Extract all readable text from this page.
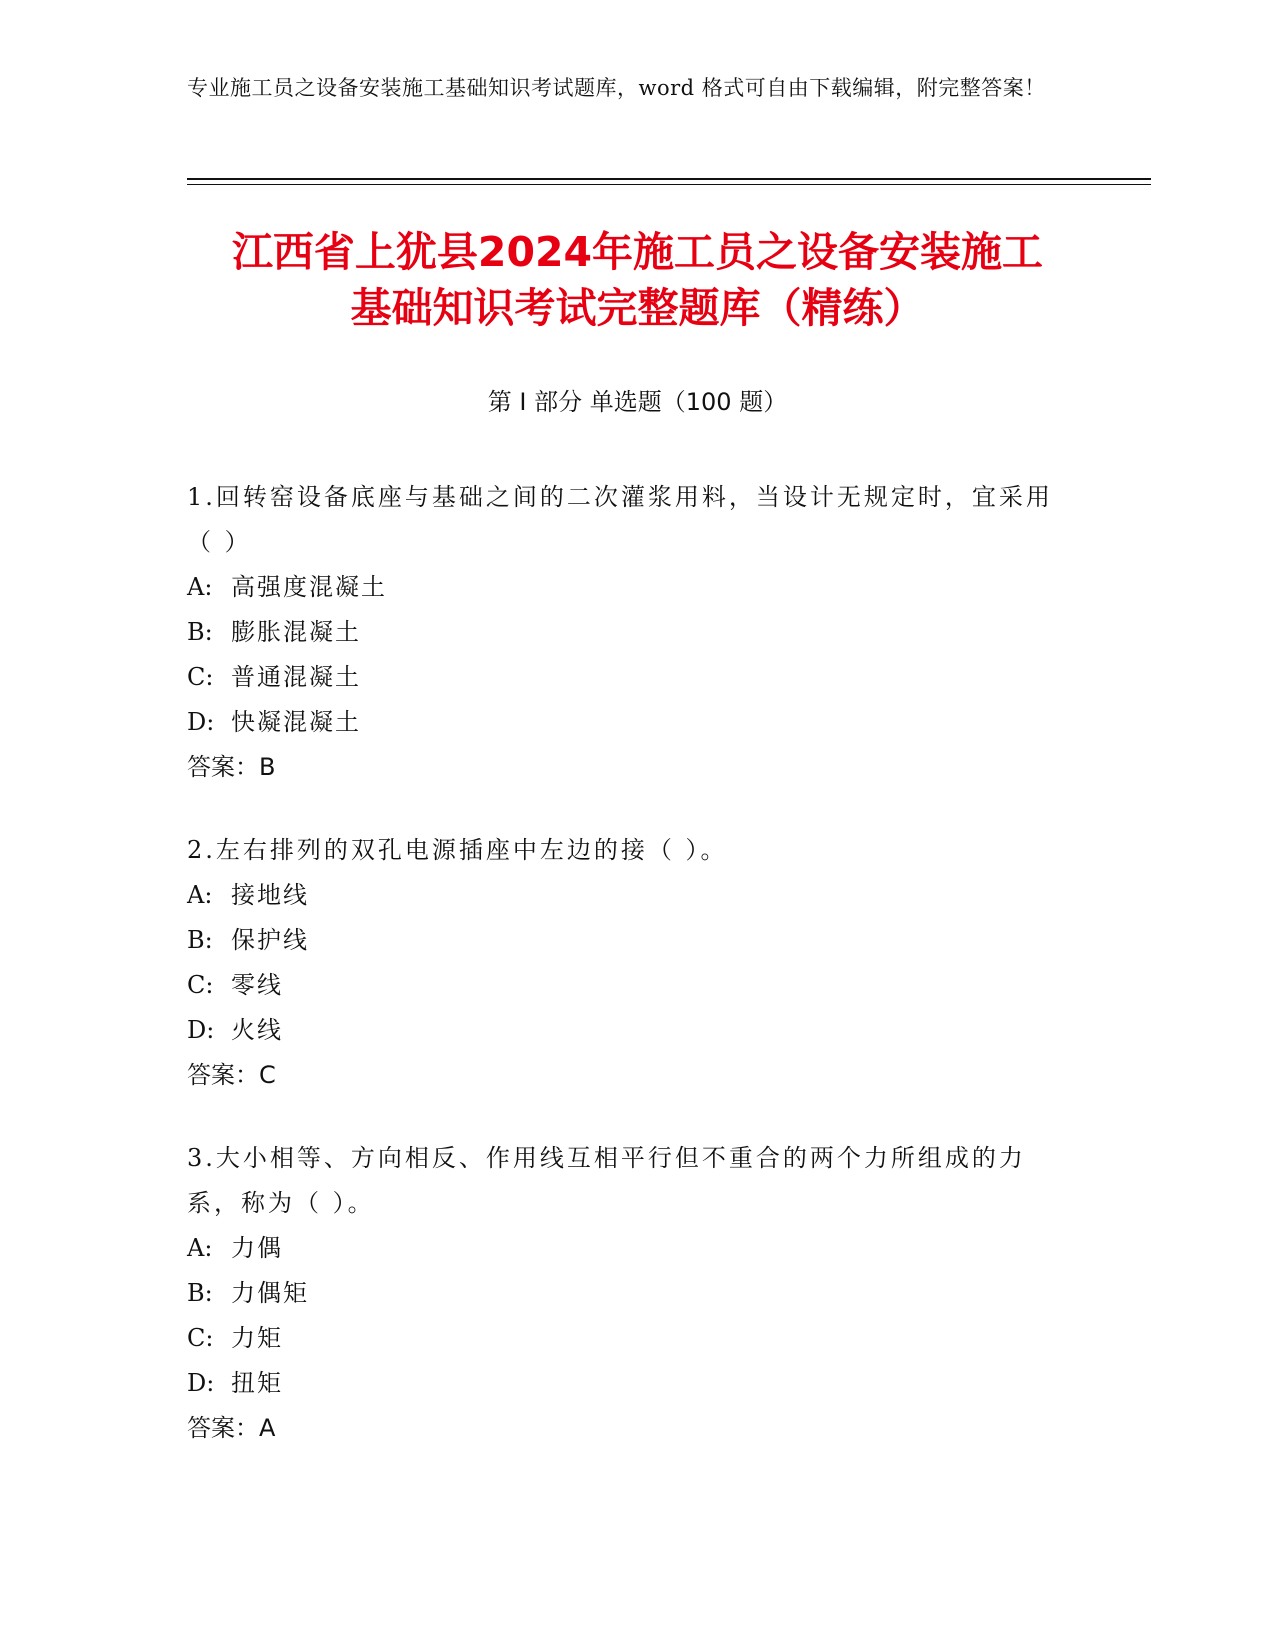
专业施工员之设备安装施工基础知识考试题库，word 格式可自由下载编辑，附完整答案！
江西省上犹县2024年施工员之设备安装施工
基础知识考试完整题库（精练）
第 I 部分 单选题（100 题）
1.回转窑设备底座与基础之间的二次灌浆用料，当设计无规定时，宜采用（ ）
A: 高强度混凝土
B: 膨胀混凝土
C: 普通混凝土
D: 快凝混凝土
答案：B
2.左右排列的双孔电源插座中左边的接（ ）。
A: 接地线
B: 保护线
C: 零线
D: 火线
答案：C
3.大小相等、方向相反、作用线互相平行但不重合的两个力所组成的力系，称为（ ）。
A: 力偶
B: 力偶矩
C: 力矩
D: 扭矩
答案：A
